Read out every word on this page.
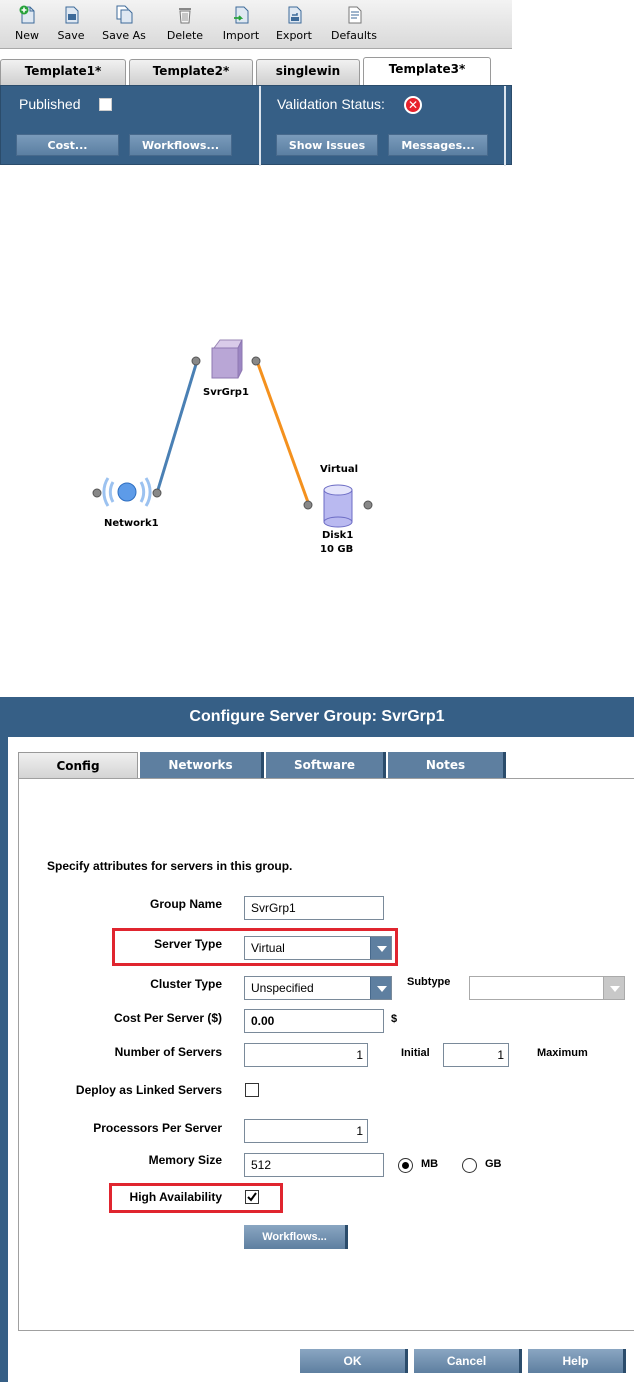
New	Save	Save As Delete Import Export	Defaults
Template1*	Template2*	singlewin	Template3*
Published
Cost...	Workflows...
Validation Status:	✕
Show Issues	Messages...
SvrGrp1
Network1
Virtual
Disk1
10 GB
Configure Server Group: SvrGrp1
Config	Networks	Software	Notes
Specify attributes for servers in this group.
Group Name	SvrGrp1
Server Type	Virtual
Cluster Type	Unspecified	Subtype
Cost Per Server ($)	0.00	$
Number of Servers	1	Initial	1	Maximum
Deploy as Linked Servers
Processors Per Server	1
Memory Size	512	MB	GB
High Availability
Workflows...
OK	Cancel	Help
